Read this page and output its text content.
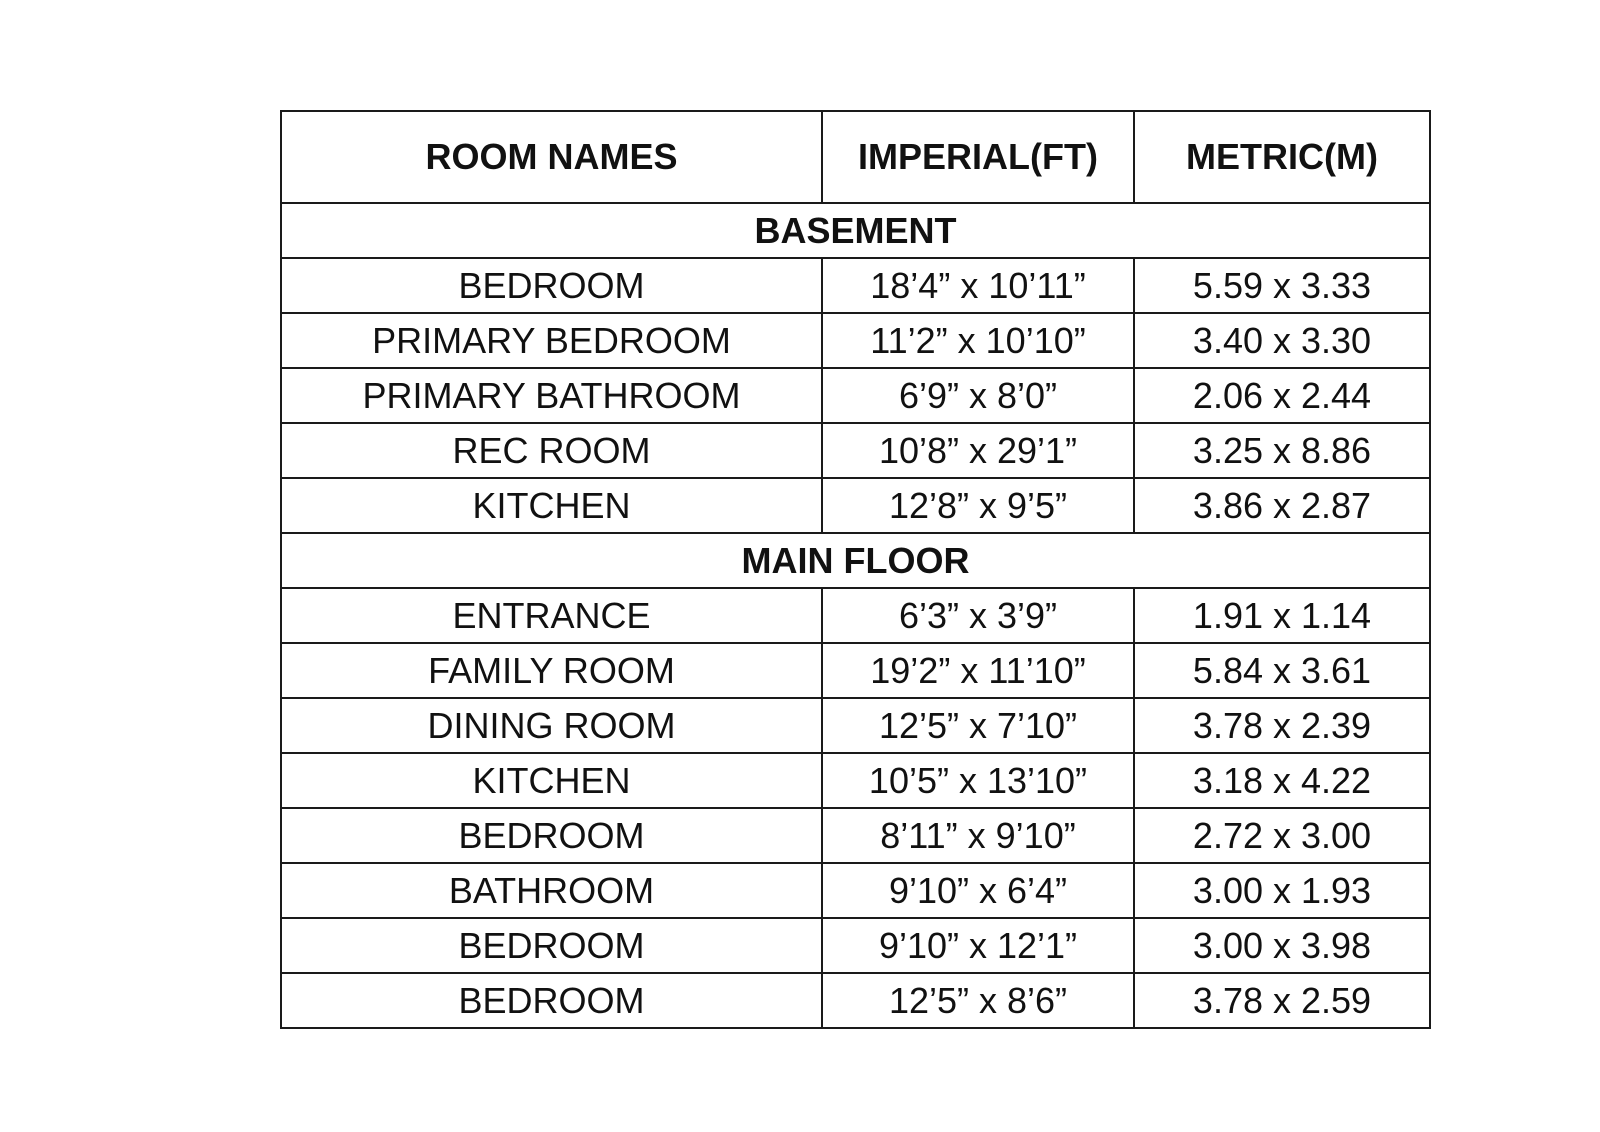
ROOM NAMES	IMPERIAL(FT)	METRIC(M)
BASEMENT		
BEDROOM	18’4” x 10’11”	5.59 x 3.33
PRIMARY BEDROOM	11’2” x 10’10”	3.40 x 3.30
PRIMARY BATHROOM	6’9” x 8’0”	2.06 x 2.44
REC ROOM	10’8” x 29’1”	3.25 x 8.86
KITCHEN	12’8” x 9’5”	3.86 x 2.87
MAIN FLOOR		
ENTRANCE	6’3” x 3’9”	1.91 x 1.14
FAMILY ROOM	19’2” x 11’10”	5.84 x 3.61
DINING ROOM	12’5” x 7’10”	3.78 x 2.39
KITCHEN	10’5” x 13’10”	3.18 x 4.22
BEDROOM	8’11” x 9’10”	2.72 x 3.00
BATHROOM	9’10” x 6’4”	3.00 x 1.93
BEDROOM	9’10” x 12’1”	3.00 x 3.98
BEDROOM	12’5” x 8’6”	3.78 x 2.59
